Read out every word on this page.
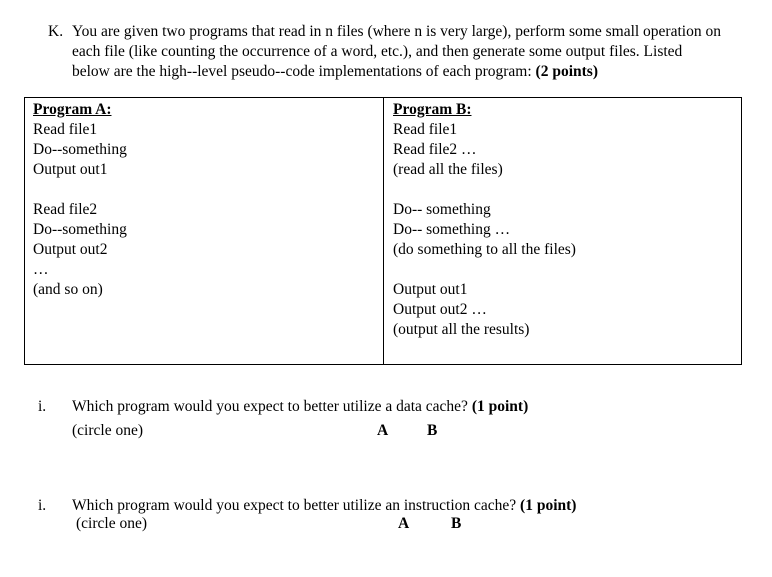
K. You are given two programs that read in n files (where n is very large), perform some small operation on
each file (like counting the occurrence of a word, etc.), and then generate some output files. Listed
below are the high--level pseudo--code implementations of each program: (2 points)
Program A:
Read file1
Do--something
Output out1
Read file2
Do--something
Output out2
…
(and so on)
Program B:
Read file1
Read file2 …
(read all the files)
Do-- something
Do-- something …
(do something to all the files)
Output out1
Output out2 …
(output all the results)
i. Which program would you expect to better utilize a data cache? (1 point)
(circle one)	A	B
i. Which program would you expect to better utilize an instruction cache? (1 point)
(circle one)	A	B
